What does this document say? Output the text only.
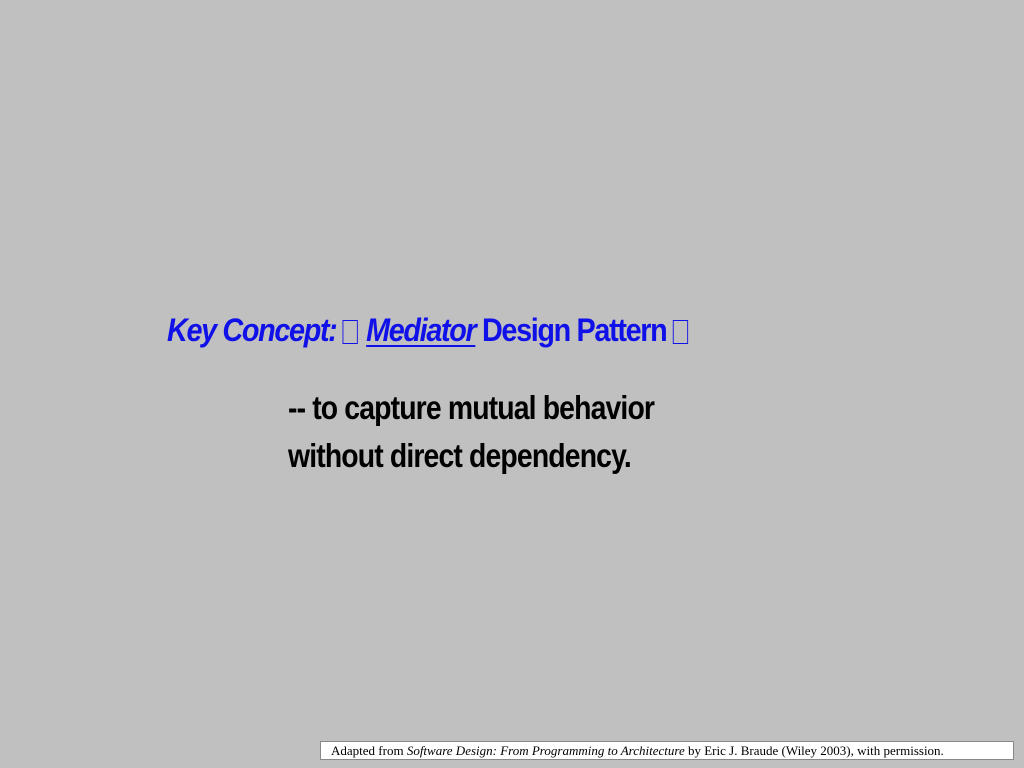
Key Concept: Mediator Design Pattern
-- to capture mutual behavior
without direct dependency.
Adapted from Software Design: From Programming to Architecture by Eric J. Braude (Wiley 2003), with permission.
